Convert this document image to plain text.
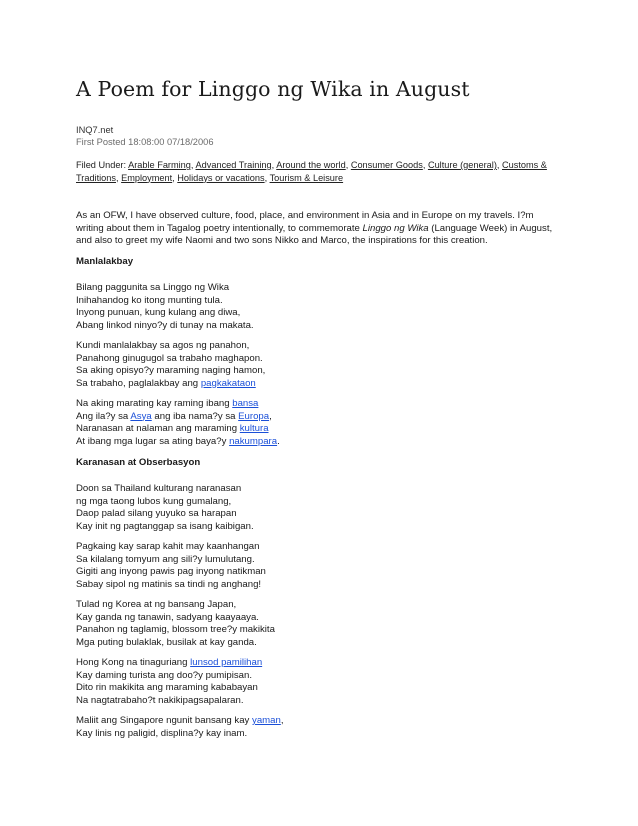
A Poem for Linggo ng Wika in August
INQ7.net
First Posted 18:08:00 07/18/2006
Filed Under: Arable Farming, Advanced Training, Around the world, Consumer Goods, Culture (general), Customs & Traditions, Employment, Holidays or vacations, Tourism & Leisure

As an OFW, I have observed culture, food, place, and environment in Asia and in Europe on my travels. I?m writing about them in Tagalog poetry intentionally, to commemorate Linggo ng Wika (Language Week) in August, and also to greet my wife Naomi and two sons Nikko and Marco, the inspirations for this creation.

Manlalakbay
Bilang paggunita sa Linggo ng Wika
Inihahandog ko itong munting tula.
Inyong punuan, kung kulang ang diwa,
Abang linkod ninyo?y di tunay na makata.
Kundi manlalakbay sa agos ng panahon,
Panahong ginugugol sa trabaho maghapon.
Sa aking opisyo?y maraming naging hamon,
Sa trabaho, paglalakbay ang pagkakataon
Na aking marating kay raming ibang bansa
Ang ila?y sa Asya ang iba nama?y sa Europa,
Naranasan at nalaman ang maraming kultura
At ibang mga lugar sa ating baya?y nakumpara.
Karanasan at Obserbasyon
Doon sa Thailand kulturang naranasan
ng mga taong lubos kung gumalang,
Daop palad silang yuyuko sa harapan
Kay init ng pagtanggap sa isang kaibigan.
Pagkaing kay sarap kahit may kaanhangan
Sa kilalang tomyum ang sili?y lumulutang.
Gigiti ang inyong pawis pag inyong natikman
Sabay sipol ng matinis sa tindi ng anghang!
Tulad ng Korea at ng bansang Japan,
Kay ganda ng tanawin, sadyang kaayaaya.
Panahon ng taglamig, blossom tree?y makikita
Mga puting bulaklak, busilak at kay ganda.
Hong Kong na tinaguriang lunsod pamilihan
Kay daming turista ang doo?y pumipisan.
Dito rin makikita ang maraming kababayan
Na nagtatrabaho?t nakikipagsapalaran.
Maliit ang Singapore ngunit bansang kay yaman,
Kay linis ng paligid, displina?y kay inam.
